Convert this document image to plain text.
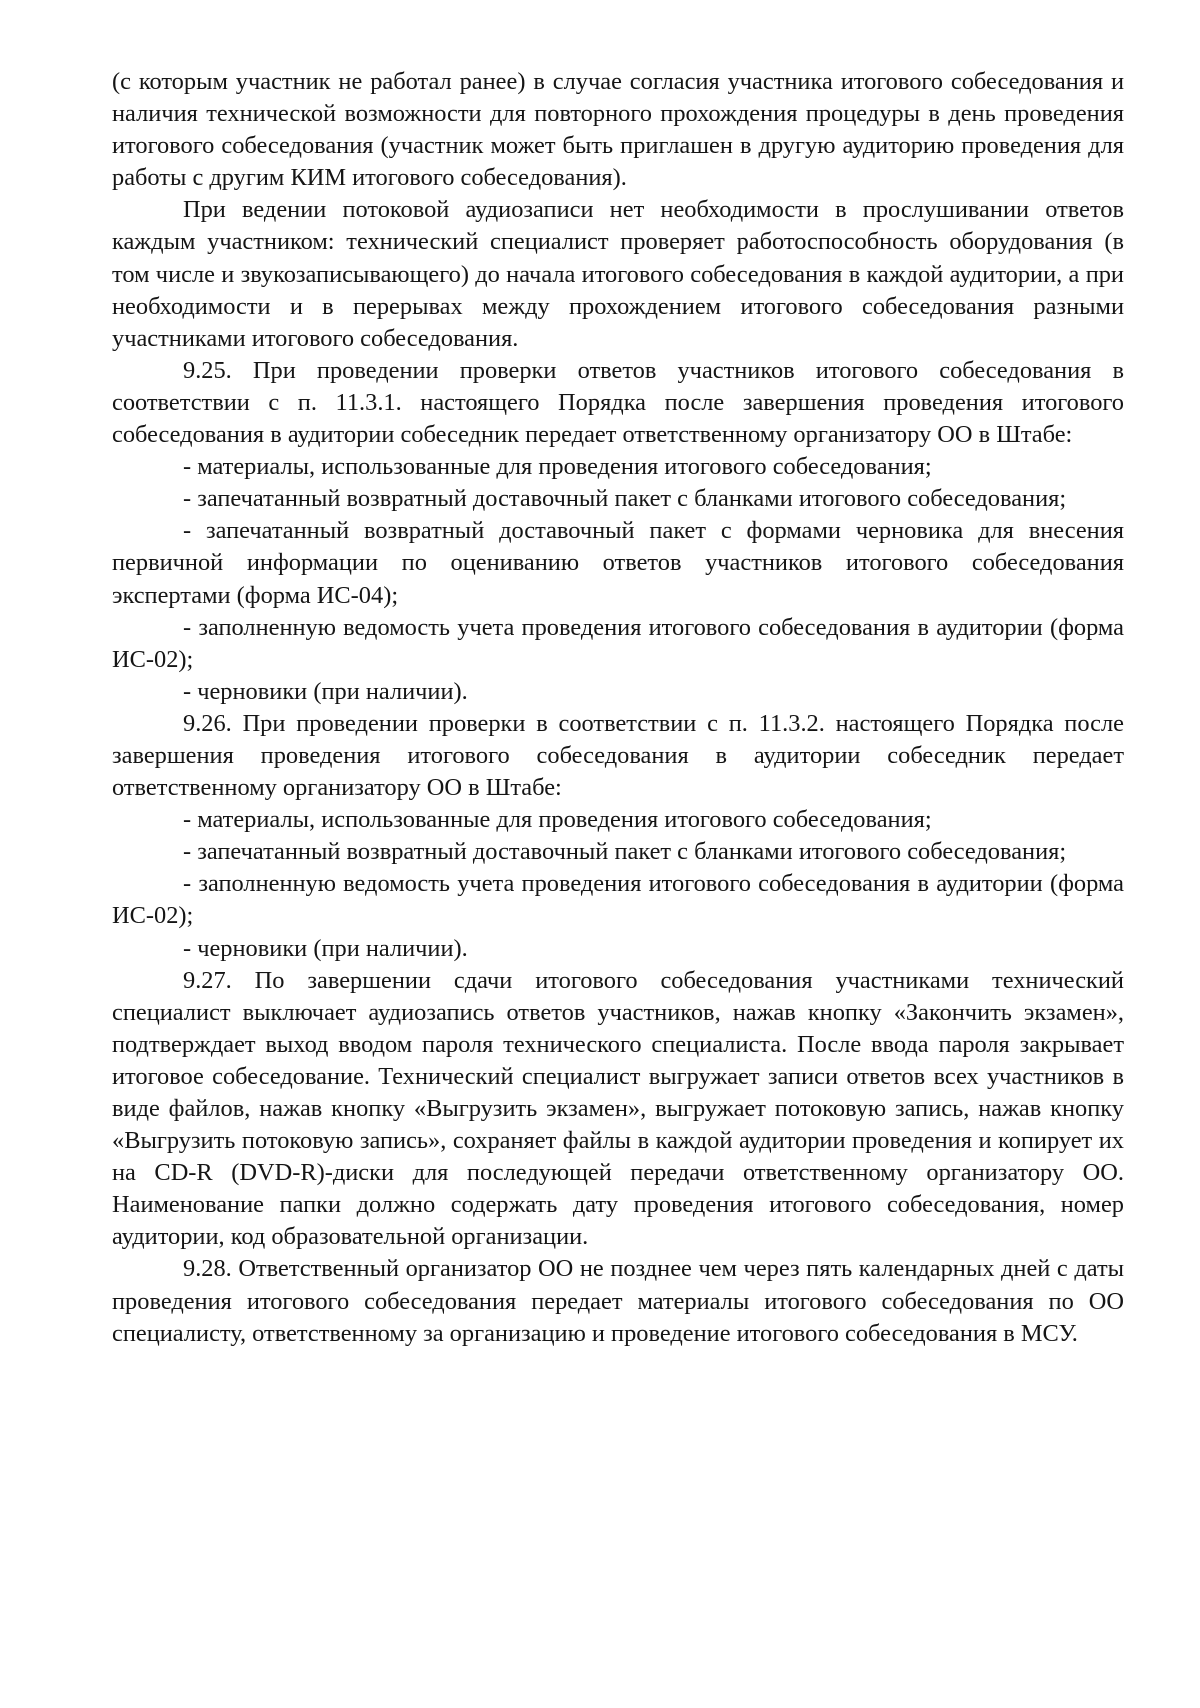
(с которым участник не работал ранее) в случае согласия участника итогового собеседования и наличия технической возможности для повторного прохождения процедуры в день проведения итогового собеседования (участник может быть приглашен в другую аудиторию проведения для работы с другим КИМ итогового собеседования).

При ведении потоковой аудиозаписи нет необходимости в прослушивании ответов каждым участником: технический специалист проверяет работоспособность оборудования (в том числе и звукозаписывающего) до начала итогового собеседования в каждой аудитории, а при необходимости и в перерывах между прохождением итогового собеседования разными участниками итогового собеседования.

9.25. При проведении проверки ответов участников итогового собеседования в соответствии с п. 11.3.1. настоящего Порядка после завершения проведения итогового собеседования в аудитории собеседник передает ответственному организатору ОО в Штабе:

- материалы, использованные для проведения итогового собеседования;

- запечатанный возвратный доставочный пакет с бланками итогового собеседования;

- запечатанный возвратный доставочный пакет с формами черновика для внесения первичной информации по оцениванию ответов участников итогового собеседования экспертами (форма ИС-04);

- заполненную ведомость учета проведения итогового собеседования в аудитории (форма ИС-02);

- черновики (при наличии).

9.26. При проведении проверки в соответствии с п. 11.3.2. настоящего Порядка после завершения проведения итогового собеседования в аудитории собеседник передает ответственному организатору ОО в Штабе:

- материалы, использованные для проведения итогового собеседования;

- запечатанный возвратный доставочный пакет с бланками итогового собеседования;

- заполненную ведомость учета проведения итогового собеседования в аудитории (форма ИС-02);

- черновики (при наличии).

9.27. По завершении сдачи итогового собеседования участниками технический специалист выключает аудиозапись ответов участников, нажав кнопку «Закончить экзамен», подтверждает выход вводом пароля технического специалиста. После ввода пароля закрывает итоговое собеседование. Технический специалист выгружает записи ответов всех участников в виде файлов, нажав кнопку «Выгрузить экзамен», выгружает потоковую запись, нажав кнопку «Выгрузить потоковую запись», сохраняет файлы в каждой аудитории проведения и копирует их на CD-R (DVD-R)-диски для последующей передачи ответственному организатору ОО. Наименование папки должно содержать дату проведения итогового собеседования, номер аудитории, код образовательной организации.

9.28. Ответственный организатор ОО не позднее чем через пять календарных дней с даты проведения итогового собеседования передает материалы итогового собеседования по ОО специалисту, ответственному за организацию и проведение итогового собеседования в МСУ.
